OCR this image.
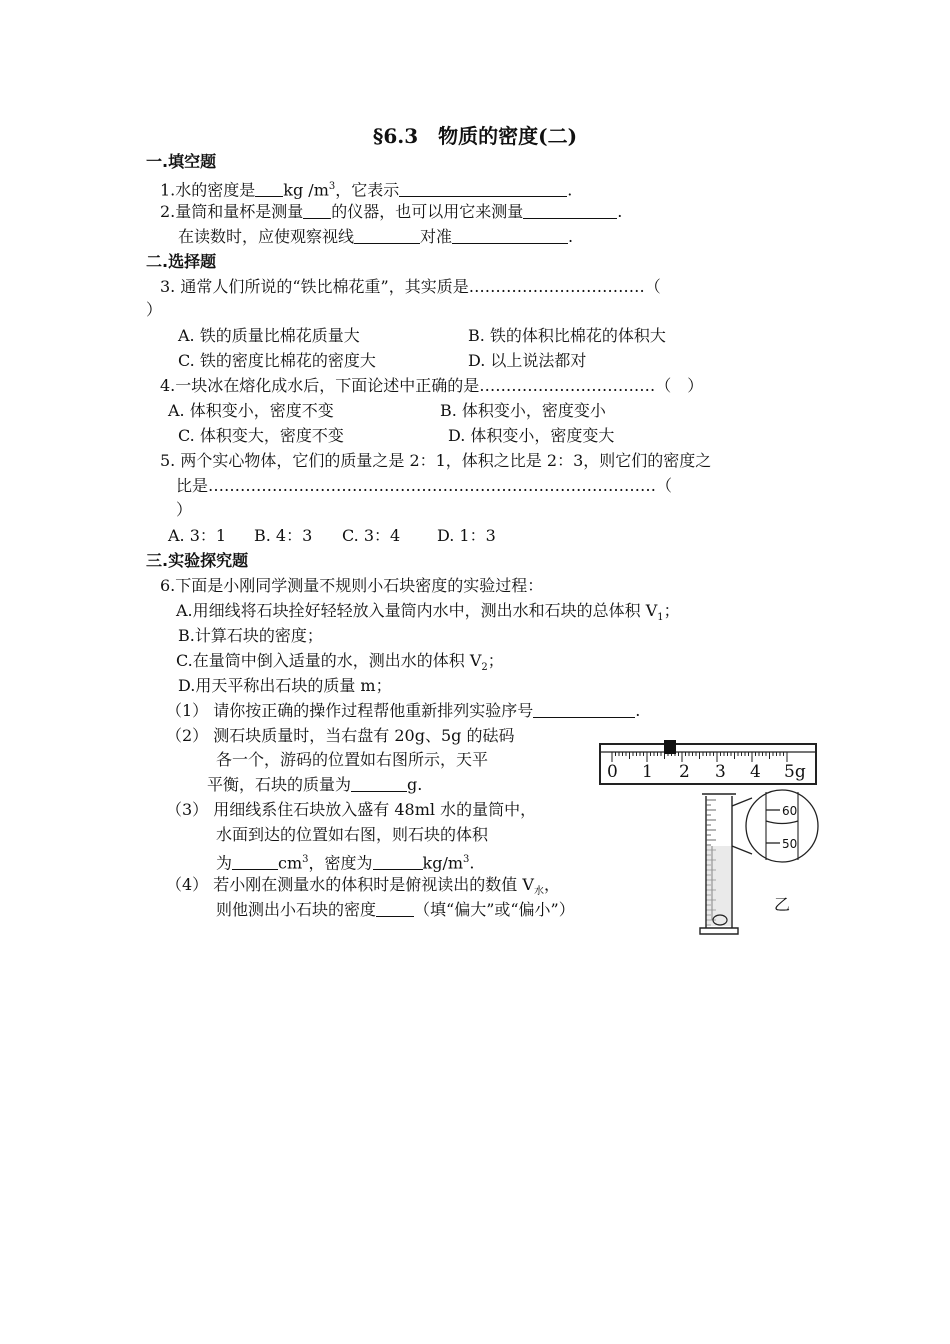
§6.3　物质的密度(二)
一.填空题
1.水的密度是 kg $/m^3$，它表示	.
2.量筒和量杯是测量 的仪器，也可以用它来测量	.
在读数时，应使观察视线	对准	.
二.选择题
3. 通常人们所说的“铁比棉花重”，其实质是……………………………（
）
A. 铁的质量比棉花质量大	B. 铁的体积比棉花的体积大
C. 铁的密度比棉花的密度大	D. 以上说法都对
4.一块冰在熔化成水后，下面论述中正确的是……………………………（　）
A. 体积变小，密度不变	B. 体积变小，密度变小
C. 体积变大，密度不变	D. 体积变小，密度变大
5. 两个实心物体，它们的质量之是 2：1，体积之比是 2：3，则它们的密度之
比是…………………………………………………………………………（
）
A. 3：1 B. 4：3 C. 3：4 D. 1：3
三.实验探究题
6.下面是小刚同学测量不规则小石块密度的实验过程：
A.用细线将石块拴好轻轻放入量筒内水中，测出水和石块的总体积 $V_1$；
B.计算石块的密度；
C.在量筒中倒入适量的水，测出水的体积 $V_2$；
D.用天平称出石块的质量 m；
（1） 请你按正确的操作过程帮他重新排列实验序号	.
（2） 测石块质量时，当右盘有 20g、5g 的砝码
各一个，游码的位置如右图所示，天平
平衡，石块的质量为	g.
（3） 用细线系住石块放入盛有 48ml 水的量筒中，
水面到达的位置如右图，则石块的体积
为	$cm^3$，密度为	$kg/m^3$.
（4） 若小刚在测量水的体积时是俯视读出的数值 $V_水$，
则他测出小石块的密度 （填“偏大”或“偏小”）
0 1 2 3 4 5g
60
50
乙
